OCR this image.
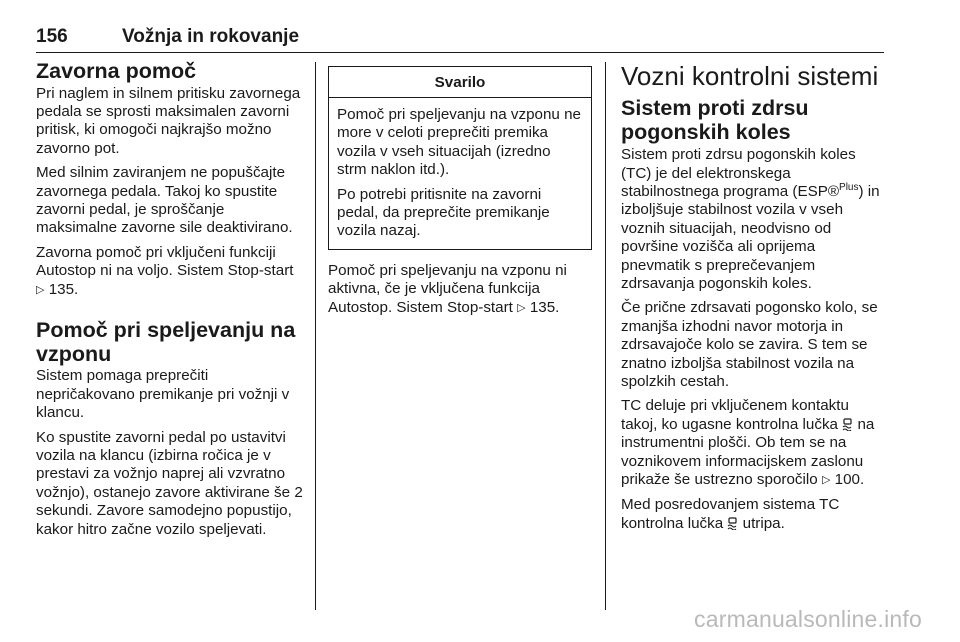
156	Vožnja in rokovanje
Zavorna pomoč

Pri naglem in silnem pritisku zavornega pedala se sprosti maksimalen zavorni pritisk, ki omogoči najkrajšo možno zavorno pot.

Med silnim zaviranjem ne popuščajte zavornega pedala. Takoj ko spustite zavorni pedal, je sproščanje maksimalne zavorne sile deaktivirano.

Zavorna pomoč pri vključeni funkciji Autostop ni na voljo. Sistem Stop-start ▷ 135.

Pomoč pri speljevanju na vzponu

Sistem pomaga preprečiti nepričakovano premikanje pri vožnji v klancu.

Ko spustite zavorni pedal po ustavitvi vozila na klancu (izbirna ročica je v prestavi za vožnjo naprej ali vzvratno vožnjo), ostanejo zavore aktivirane še 2 sekundi. Zavore samodejno popustijo, kakor hitro začne vozilo speljevati.

Svarilo

Pomoč pri speljevanju na vzponu ne more v celoti preprečiti premika vozila v vseh situacijah (izredno strm naklon itd.).

Po potrebi pritisnite na zavorni pedal, da preprečite premikanje vozila nazaj.

Pomoč pri speljevanju na vzponu ni aktivna, če je vključena funkcija Autostop. Sistem Stop-start ▷ 135.

Vozni kontrolni sistemi
Sistem proti zdrsu pogonskih koles

Sistem proti zdrsu pogonskih koles (TC) je del elektronskega stabilnostnega programa (ESP®$^{Plus}$) in izboljšuje stabilnost vozila v vseh voznih situacijah, neodvisno od površine vozišča ali oprijema pnevmatik s preprečevanjem zdrsavanja pogonskih koles.

Če prične zdrsavati pogonsko kolo, se zmanjša izhodni navor motorja in zdrsavajoče kolo se zavira. S tem se znatno izboljša stabilnost vozila na spolzkih cestah.

TC deluje pri vključenem kontaktu takoj, ko ugasne kontrolna lučka na instrumentni plošči. Ob tem se na voznikovem informacijskem zaslonu prikaže še ustrezno sporočilo ▷ 100.

Med posredovanjem sistema TC kontrolna lučka utripa.

carmanualsonline.info
